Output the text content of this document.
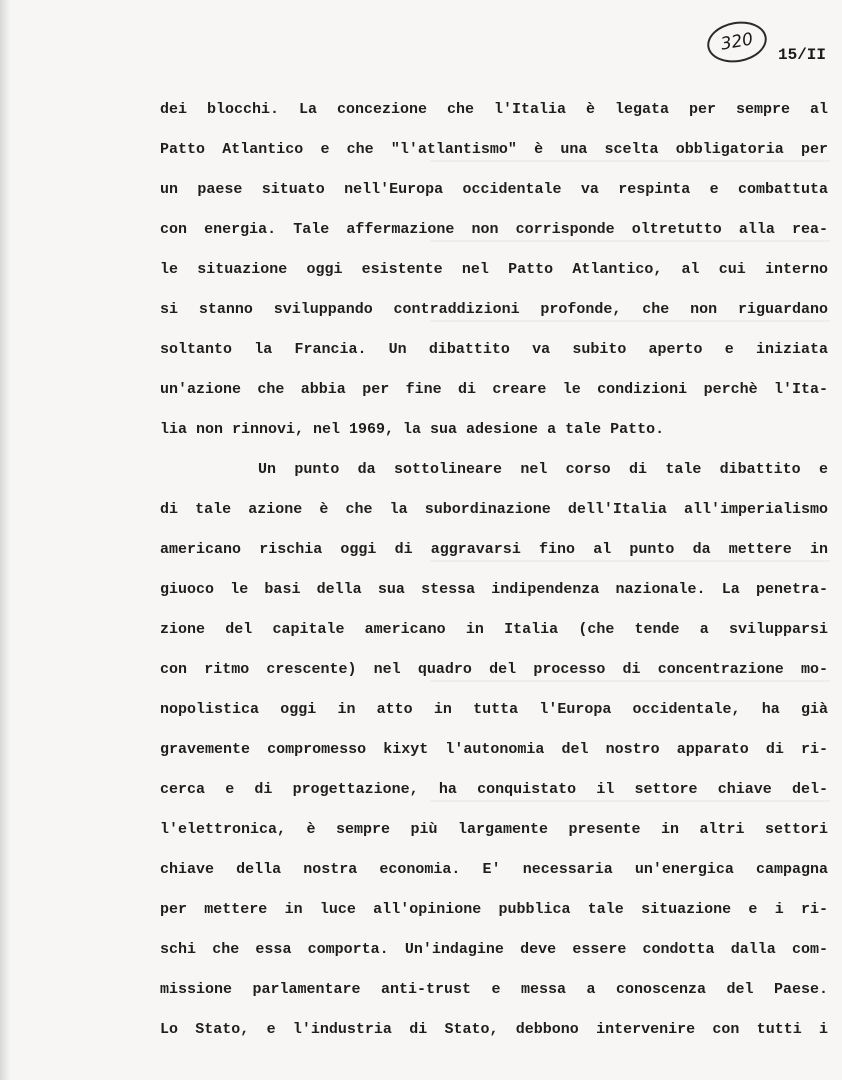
320
15/II
dei blocchi. La concezione che l'Italia è legata per sempre al
Patto Atlantico e che "l'atlantismo" è una scelta obbligatoria per
un paese situato nell'Europa occidentale va respinta e combattuta
con energia. Tale affermazione non corrisponde oltretutto alla rea-
le situazione oggi esistente nel Patto Atlantico, al cui interno
si stanno sviluppando contraddizioni profonde, che non riguardano
soltanto la Francia. Un dibattito va subito aperto e iniziata
un'azione che abbia per fine di creare le condizioni perchè l'Ita-
lia non rinnovi, nel 1969, la sua adesione a tale Patto.
Un punto da sottolineare nel corso di tale dibattito e
di tale azione è che la subordinazione dell'Italia all'imperialismo
americano rischia oggi di aggravarsi fino al punto da mettere in
giuoco le basi della sua stessa indipendenza nazionale. La penetra-
zione del capitale americano in Italia (che tende a svilupparsi
con ritmo crescente) nel quadro del processo di concentrazione mo-
nopolistica oggi in atto in tutta l'Europa occidentale, ha già
gravemente compromesso kixyt l'autonomia del nostro apparato di ri-
cerca e di progettazione, ha conquistato il settore chiave del-
l'elettronica, è sempre più largamente presente in altri settori
chiave della nostra economia. E' necessaria un'energica campagna
per mettere in luce all'opinione pubblica tale situazione e i ri-
schi che essa comporta. Un'indagine deve essere condotta dalla com-
missione parlamentare anti-trust e messa a conoscenza del Paese.
Lo Stato, e l'industria di Stato, debbono intervenire con tutti i
